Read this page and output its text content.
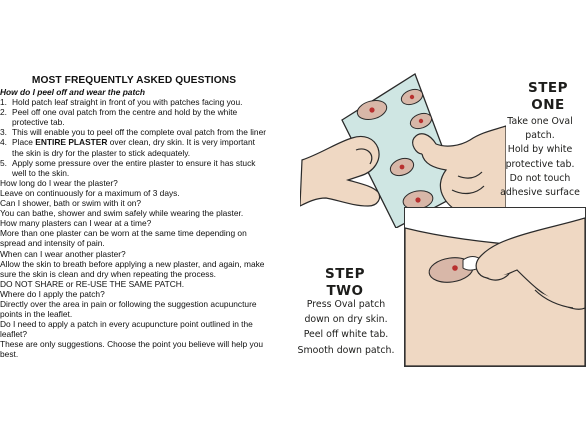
MOST FREQUENTLY ASKED QUESTIONS
How do I peel off and wear the patch
1. Hold patch leaf straight in front of you with patches facing you.
2. Peel off one oval patch from the centre and hold by the white protective tab.
3. This will enable you to peel off the complete oval patch from the liner
4. Place ENTIRE PLASTER over clean, dry skin. It is very important the skin is dry for the plaster to stick adequately.
5. Apply some pressure over the entire plaster to ensure it has stuck well to the skin.
How long do I wear the plaster?
Leave on continuously for a maximum of 3 days.
Can I shower, bath or swim with it on?
You can bathe, shower and swim safely while wearing the plaster.
How many plasters can I wear at a time?
More than one plaster can be worn at the same time depending on spread and intensity of pain.
When can I wear another plaster?
Allow the skin to breath before applying a new plaster, and again, make sure the skin is clean and dry when repeating the process.
DO NOT SHARE or RE-USE THE SAME PATCH.
Where do I apply the patch?
Directly over the area in pain or following the suggestion acupuncture points in the leaflet.
Do I need to apply a patch in every acupuncture point outlined in the leaflet?
These are only suggestions. Choose the point you believe will help you best.
STEP
ONE
Take one Oval patch.
Hold by white
protective tab.
Do not touch
adhesive surface
STEP
TWO
Press Oval patch
down on dry skin.
Peel off white tab.
Smooth down patch.
